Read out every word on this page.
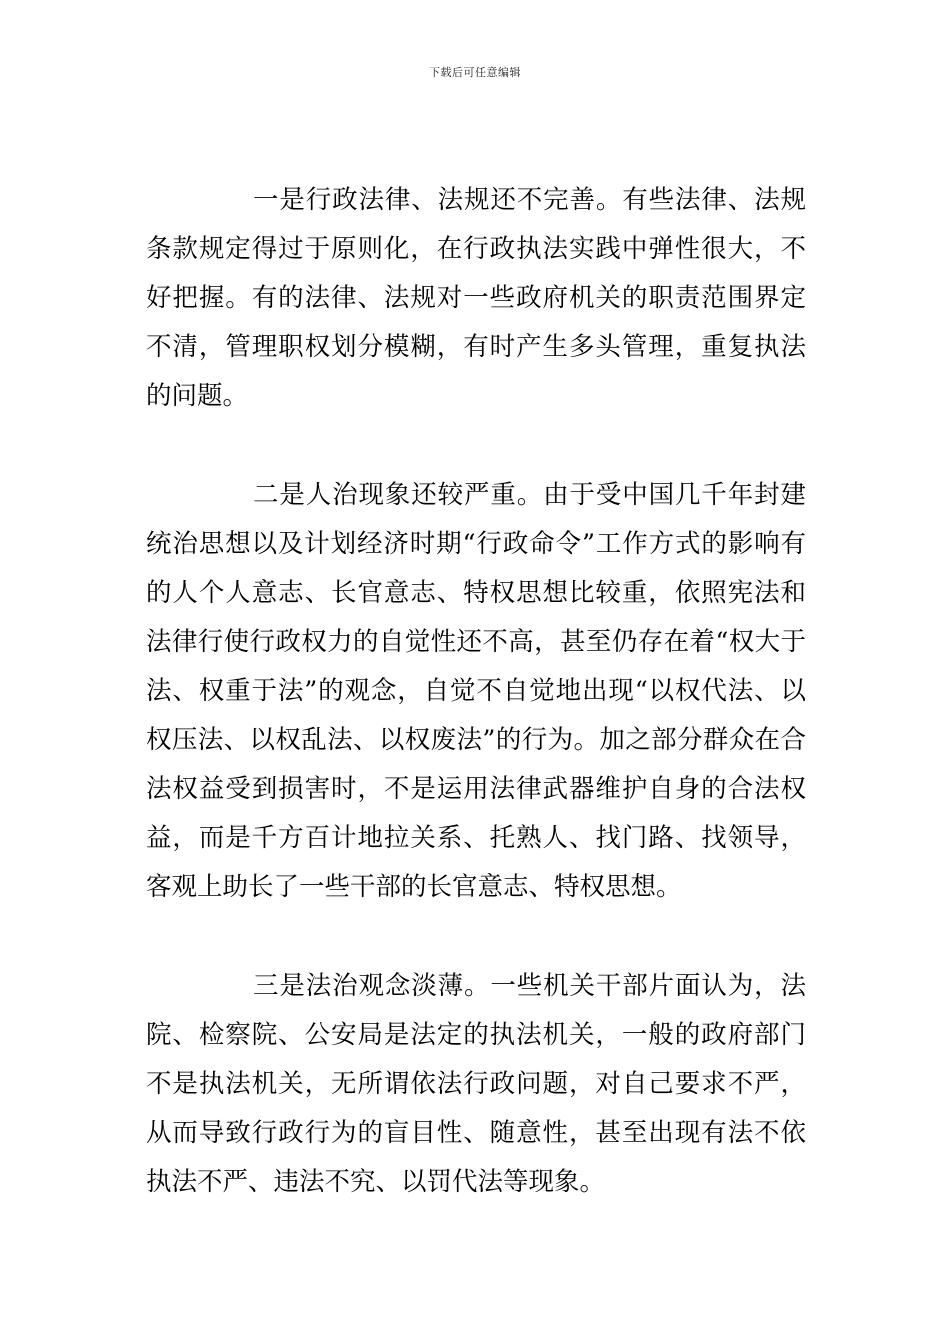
下载后可任意编辑

一是行政法律、法规还不完善。有些法律、法规条款规定得过于原则化，在行政执法实践中弹性很大，不好把握。有的法律、法规对一些政府机关的职责范围界定不清，管理职权划分模糊，有时产生多头管理，重复执法的问题。

二是人治现象还较严重。由于受中国几千年封建统治思想以及计划经济时期“行政命令”工作方式的影响有的人个人意志、长官意志、特权思想比较重，依照宪法和法律行使行政权力的自觉性还不高，甚至仍存在着“权大于法、权重于法”的观念，自觉不自觉地出现“以权代法、以权压法、以权乱法、以权废法”的行为。加之部分群众在合法权益受到损害时，不是运用法律武器维护自身的合法权益，而是千方百计地拉关系、托熟人、找门路、找领导，客观上助长了一些干部的长官意志、特权思想。

三是法治观念淡薄。一些机关干部片面认为，法院、检察院、公安局是法定的执法机关，一般的政府部门不是执法机关，无所谓依法行政问题，对自己要求不严，从而导致行政行为的盲目性、随意性，甚至出现有法不依执法不严、违法不究、以罚代法等现象。
